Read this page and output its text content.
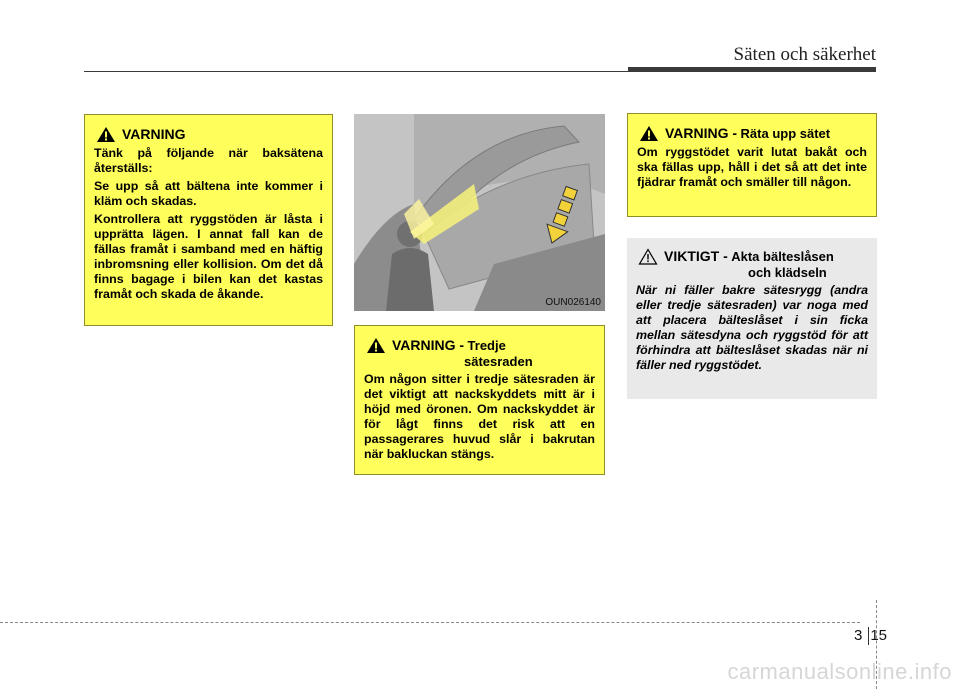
Säten och säkerhet
VARNING

Tänk på följande när baksätena återställs:

Se upp så att bältena inte kommer i kläm och skadas.

Kontrollera att ryggstöden är låsta i upprätta lägen. I annat fall kan de fällas framåt i samband med en häftig inbromsning eller kollision. Om det då finns bagage i bilen kan det kastas framåt och skada de åkande.

OUN026140
VARNING - Tredje
sätesraden

Om någon sitter i tredje sätesraden är det viktigt att nackskyddets mitt är i höjd med öronen. Om nackskyddet är för lågt finns det risk att en passagerares huvud slår i bakrutan när bakluckan stängs.

VARNING - Räta upp sätet

Om ryggstödet varit lutat bakåt och ska fällas upp, håll i det så att det inte fjädrar framåt och smäller till någon.

VIKTIGT - Akta bälteslåsen
och klädseln

När ni fäller bakre sätesrygg (andra eller tredje sätesraden) var noga med att placera bälteslåset i sin ficka mellan sätesdyna och ryggstöd för att förhindra att bälteslåset skadas när ni fäller ned ryggstödet.

3 15
carmanualsonline.info
